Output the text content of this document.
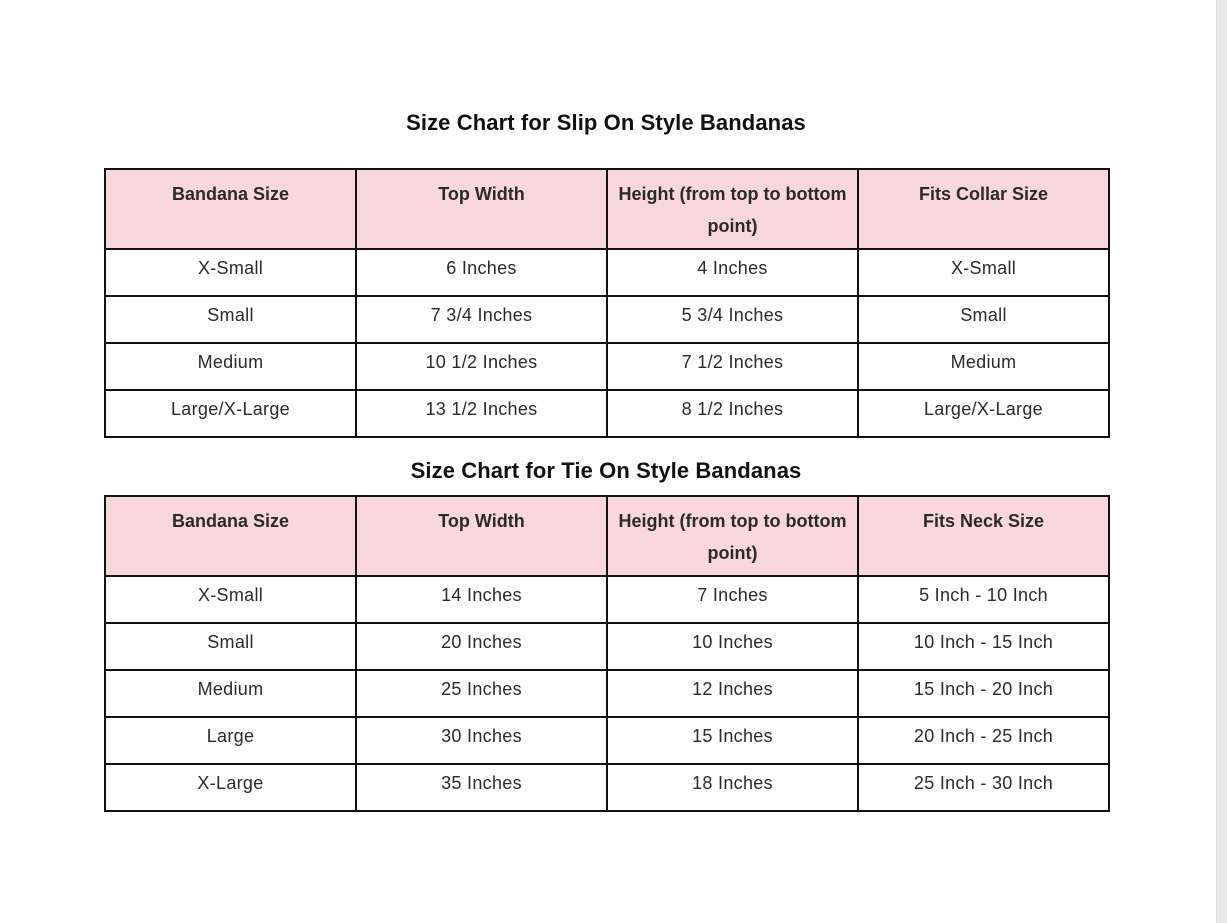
Size Chart for Slip On Style Bandanas
Bandana Size	Top Width	Height (from top to bottom point)	Fits Collar Size
X-Small	6 Inches	4 Inches	X-Small
Small	7 3/4 Inches	5 3/4 Inches	Small
Medium	10 1/2 Inches	7 1/2 Inches	Medium
Large/X-Large	13 1/2 Inches	8 1/2 Inches	Large/X-Large
Size Chart for Tie On Style Bandanas
Bandana Size	Top Width	Height (from top to bottom point)	Fits Neck Size
X-Small	14 Inches	7 Inches	5 Inch - 10 Inch
Small	20 Inches	10 Inches	10 Inch - 15 Inch
Medium	25 Inches	12 Inches	15 Inch - 20 Inch
Large	30 Inches	15 Inches	20 Inch - 25 Inch
X-Large	35 Inches	18 Inches	25 Inch - 30 Inch
